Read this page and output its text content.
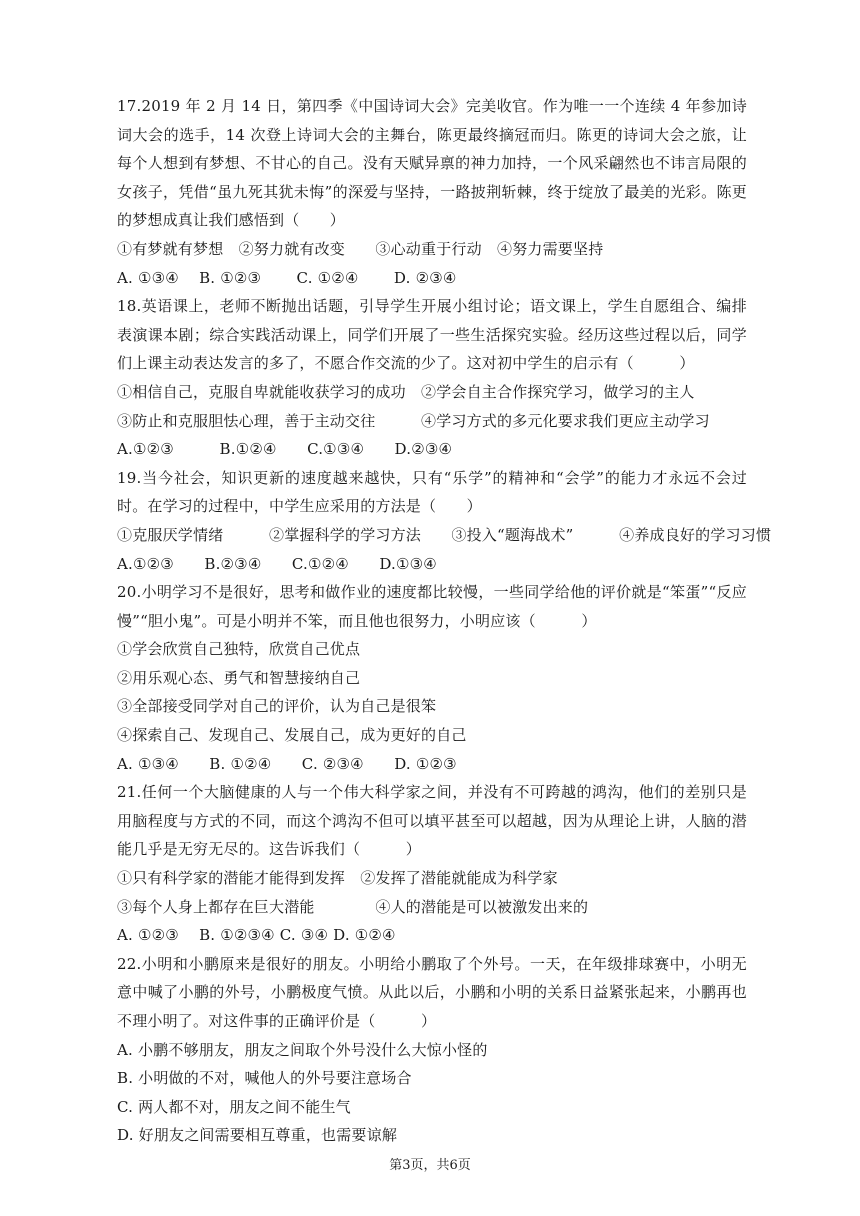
17.2019 年 2 月 14 日，第四季《中国诗词大会》完美收官。作为唯一一个连续 4 年参加诗词大会的选手，14 次登上诗词大会的主舞台，陈更最终摘冠而归。陈更的诗词大会之旅，让每个人想到有梦想、不甘心的自己。没有天赋异禀的神力加持，一个风采翩然也不讳言局限的女孩子，凭借“虽九死其犹未悔”的深爱与坚持，一路披荆斩棘，终于绽放了最美的光彩。陈更的梦想成真让我们感悟到（　　）
①有梦就有梦想　②努力就有改变　　③心动重于行动　④努力需要坚持
A. ①③④　 B. ①②③　　 C. ①②④　　 D. ②③④
18.英语课上，老师不断抛出话题，引导学生开展小组讨论；语文课上，学生自愿组合、编排表演课本剧；综合实践活动课上，同学们开展了一些生活探究实验。经历这些过程以后，同学们上课主动表达发言的多了，不愿合作交流的少了。这对初中学生的启示有（　　　）
①相信自己，克服自卑就能收获学习的成功　②学会自主合作探究学习，做学习的主人
③防止和克服胆怯心理，善于主动交往　　　④学习方式的多元化要求我们更应主动学习
A.①②③　　　B.①②④　　C.①③④　　D.②③④
19.当今社会，知识更新的速度越来越快，只有“乐学”的精神和“会学”的能力才永远不会过时。在学习的过程中，中学生应采用的方法是（　　）
①克服厌学情绪　　　②掌握科学的学习方法　　③投入“题海战术”　　　④养成良好的学习习惯
A.①②③　　B.②③④　　C.①②④　　D.①③④
20.小明学习不是很好，思考和做作业的速度都比较慢，一些同学给他的评价就是“笨蛋”“反应慢”“胆小鬼”。可是小明并不笨，而且他也很努力，小明应该（　　　）
①学会欣赏自己独特，欣赏自己优点
②用乐观心态、勇气和智慧接纳自己
③全部接受同学对自己的评价，认为自己是很笨
④探索自己、发现自己、发展自己，成为更好的自己
A. ①③④　　B. ①②④　　C. ②③④　　D. ①②③
21.任何一个大脑健康的人与一个伟大科学家之间，并没有不可跨越的鸿沟，他们的差别只是用脑程度与方式的不同，而这个鸿沟不但可以填平甚至可以超越，因为从理论上讲，人脑的潜能几乎是无穷无尽的。这告诉我们（　　　）
①只有科学家的潜能才能得到发挥　②发挥了潜能就能成为科学家
③每个人身上都存在巨大潜能　　　　④人的潜能是可以被激发出来的
A. ①②③　 B. ①②③④ C. ③④ D. ①②④
22.小明和小鹏原来是很好的朋友。小明给小鹏取了个外号。一天，在年级排球赛中，小明无意中喊了小鹏的外号，小鹏极度气愤。从此以后，小鹏和小明的关系日益紧张起来，小鹏再也不理小明了。对这件事的正确评价是（　　　）
A. 小鹏不够朋友，朋友之间取个外号没什么大惊小怪的
B. 小明做的不对，喊他人的外号要注意场合
C. 两人都不对，朋友之间不能生气
D. 好朋友之间需要相互尊重，也需要谅解
第3页，共6页
